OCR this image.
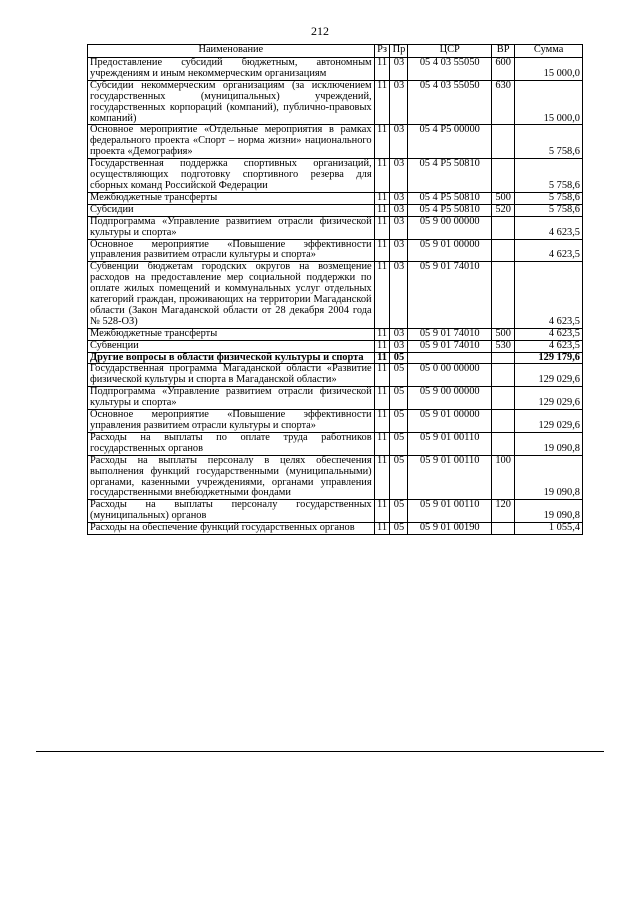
212
Наименование	Рз	Пр	ЦСР	ВР	Сумма
Предоставление субсидий бюджетным, автономным учреждениям и иным некоммерческим организациям	11	03	05 4 03 55050	600	15 000,0
Субсидии некоммерческим организациям (за исключением государственных (муниципальных) учреждений, государственных корпораций (компаний), публично-правовых компаний)	11	03	05 4 03 55050	630	15 000,0
Основное мероприятие «Отдельные мероприятия в рамках федерального проекта «Спорт – норма жизни» национального проекта «Демография»	11	03	05 4 P5 00000		5 758,6
Государственная поддержка спортивных организаций, осуществляющих подготовку спортивного резерва для сборных команд Российской Федерации	11	03	05 4 P5 50810		5 758,6
Межбюджетные трансферты	11	03	05 4 P5 50810	500	5 758,6
Субсидии	11	03	05 4 P5 50810	520	5 758,6
Подпрограмма «Управление развитием отрасли физической культуры и спорта»	11	03	05 9 00 00000		4 623,5
Основное мероприятие «Повышение эффективности управления развитием отрасли культуры и спорта»	11	03	05 9 01 00000		4 623,5
Субвенции бюджетам городских округов на возмещение расходов на предоставление мер социальной поддержки по оплате жилых помещений и коммунальных услуг отдельных категорий граждан, проживающих на территории Магаданской области (Закон Магаданской области от 28 декабря 2004 года № 528-ОЗ)	11	03	05 9 01 74010		4 623,5
Межбюджетные трансферты	11	03	05 9 01 74010	500	4 623,5
Субвенции	11	03	05 9 01 74010	530	4 623,5
Другие вопросы в области физической культуры и спорта	11	05			129 179,6
Государственная программа Магаданской области «Развитие физической культуры и спорта в Магаданской области»	11	05	05 0 00 00000		129 029,6
Подпрограмма «Управление развитием отрасли физической культуры и спорта»	11	05	05 9 00 00000		129 029,6
Основное мероприятие «Повышение эффективности управления развитием отрасли культуры и спорта»	11	05	05 9 01 00000		129 029,6
Расходы на выплаты по оплате труда работников государственных органов	11	05	05 9 01 00110		19 090,8
Расходы на выплаты персоналу в целях обеспечения выполнения функций государственными (муниципальными) органами, казенными учреждениями, органами управления государственными внебюджетными фондами	11	05	05 9 01 00110	100	19 090,8
Расходы на выплаты персоналу государственных (муниципальных) органов	11	05	05 9 01 00110	120	19 090,8
Расходы на обеспечение функций государственных органов	11	05	05 9 01 00190		1 055,4
